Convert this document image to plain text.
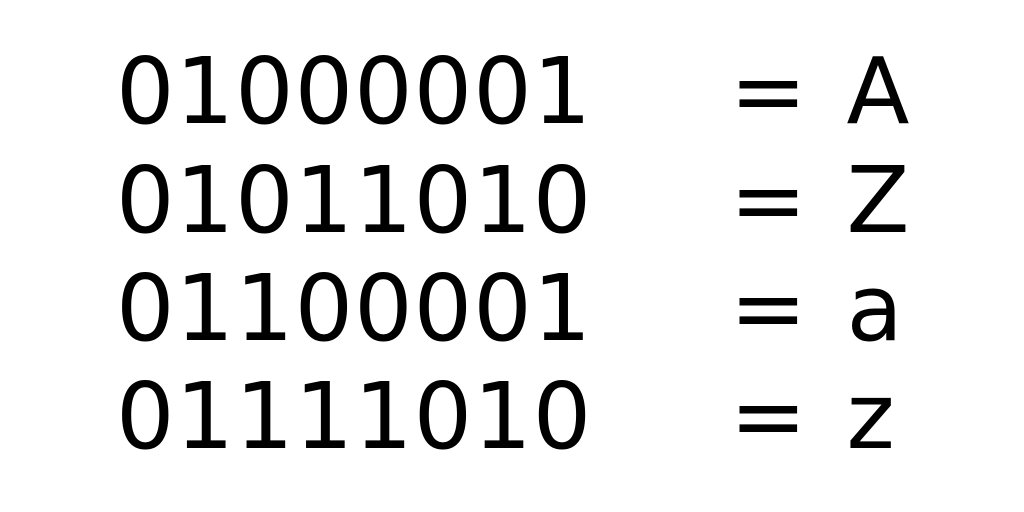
01000001 = A
01011010 = Z
01100001 = a
01111010 = z
